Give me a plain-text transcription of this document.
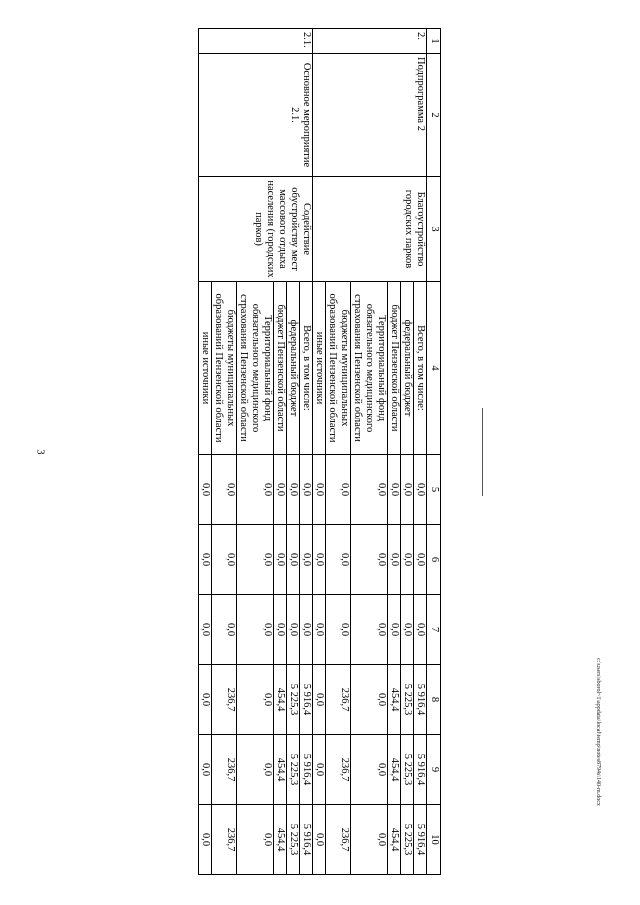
3
c:\users\sborol~1\appdata\local\temp\notes8794s\140-m.docx
1	2	3	4	5	6	7	8	9	10
2.	Подпрограмма 2	Благоустройство городских парков	Всего, в том числе:	0,0	0,0	0,0	5 916,4	5 916,4	5 916,4
			федеральный бюджет	0,0	0,0	0,0	5 225,3	5 225,3	5 225,3
			бюджет Пензенской области	0,0	0,0	0,0	454,4	454,4	454,4
			Территориальный фонд обязательного медицинского страхования Пензенской области	0,0	0,0	0,0	0,0	0,0	0,0
			бюджеты муниципальных образований Пензенской области	0,0	0,0	0,0	236,7	236,7	236,7
			иные источники	0,0	0,0	0,0	0,0	0,0	0,0
2.1.	Основное мероприятие 2.1.	Содействие обустройству мест массового отдыха населения (городских парков)	Всего, в том числе:	0,0	0,0	0,0	5 916,4	5 916,4	5 916,4
			федеральный бюджет	0,0	0,0	0,0	5 225,3	5 225,3	5 225,3
			бюджет Пензенской области	0,0	0,0	0,0	454,4	454,4	454,4
			Территориальный фонд обязательного медицинского страхования Пензенской области	0,0	0,0	0,0	0,0	0,0	0,0
			бюджеты муниципальных образований Пензенской области	0,0	0,0	0,0	236,7	236,7	236,7
			иные источники	0,0	0,0	0,0	0,0	0,0	0,0
